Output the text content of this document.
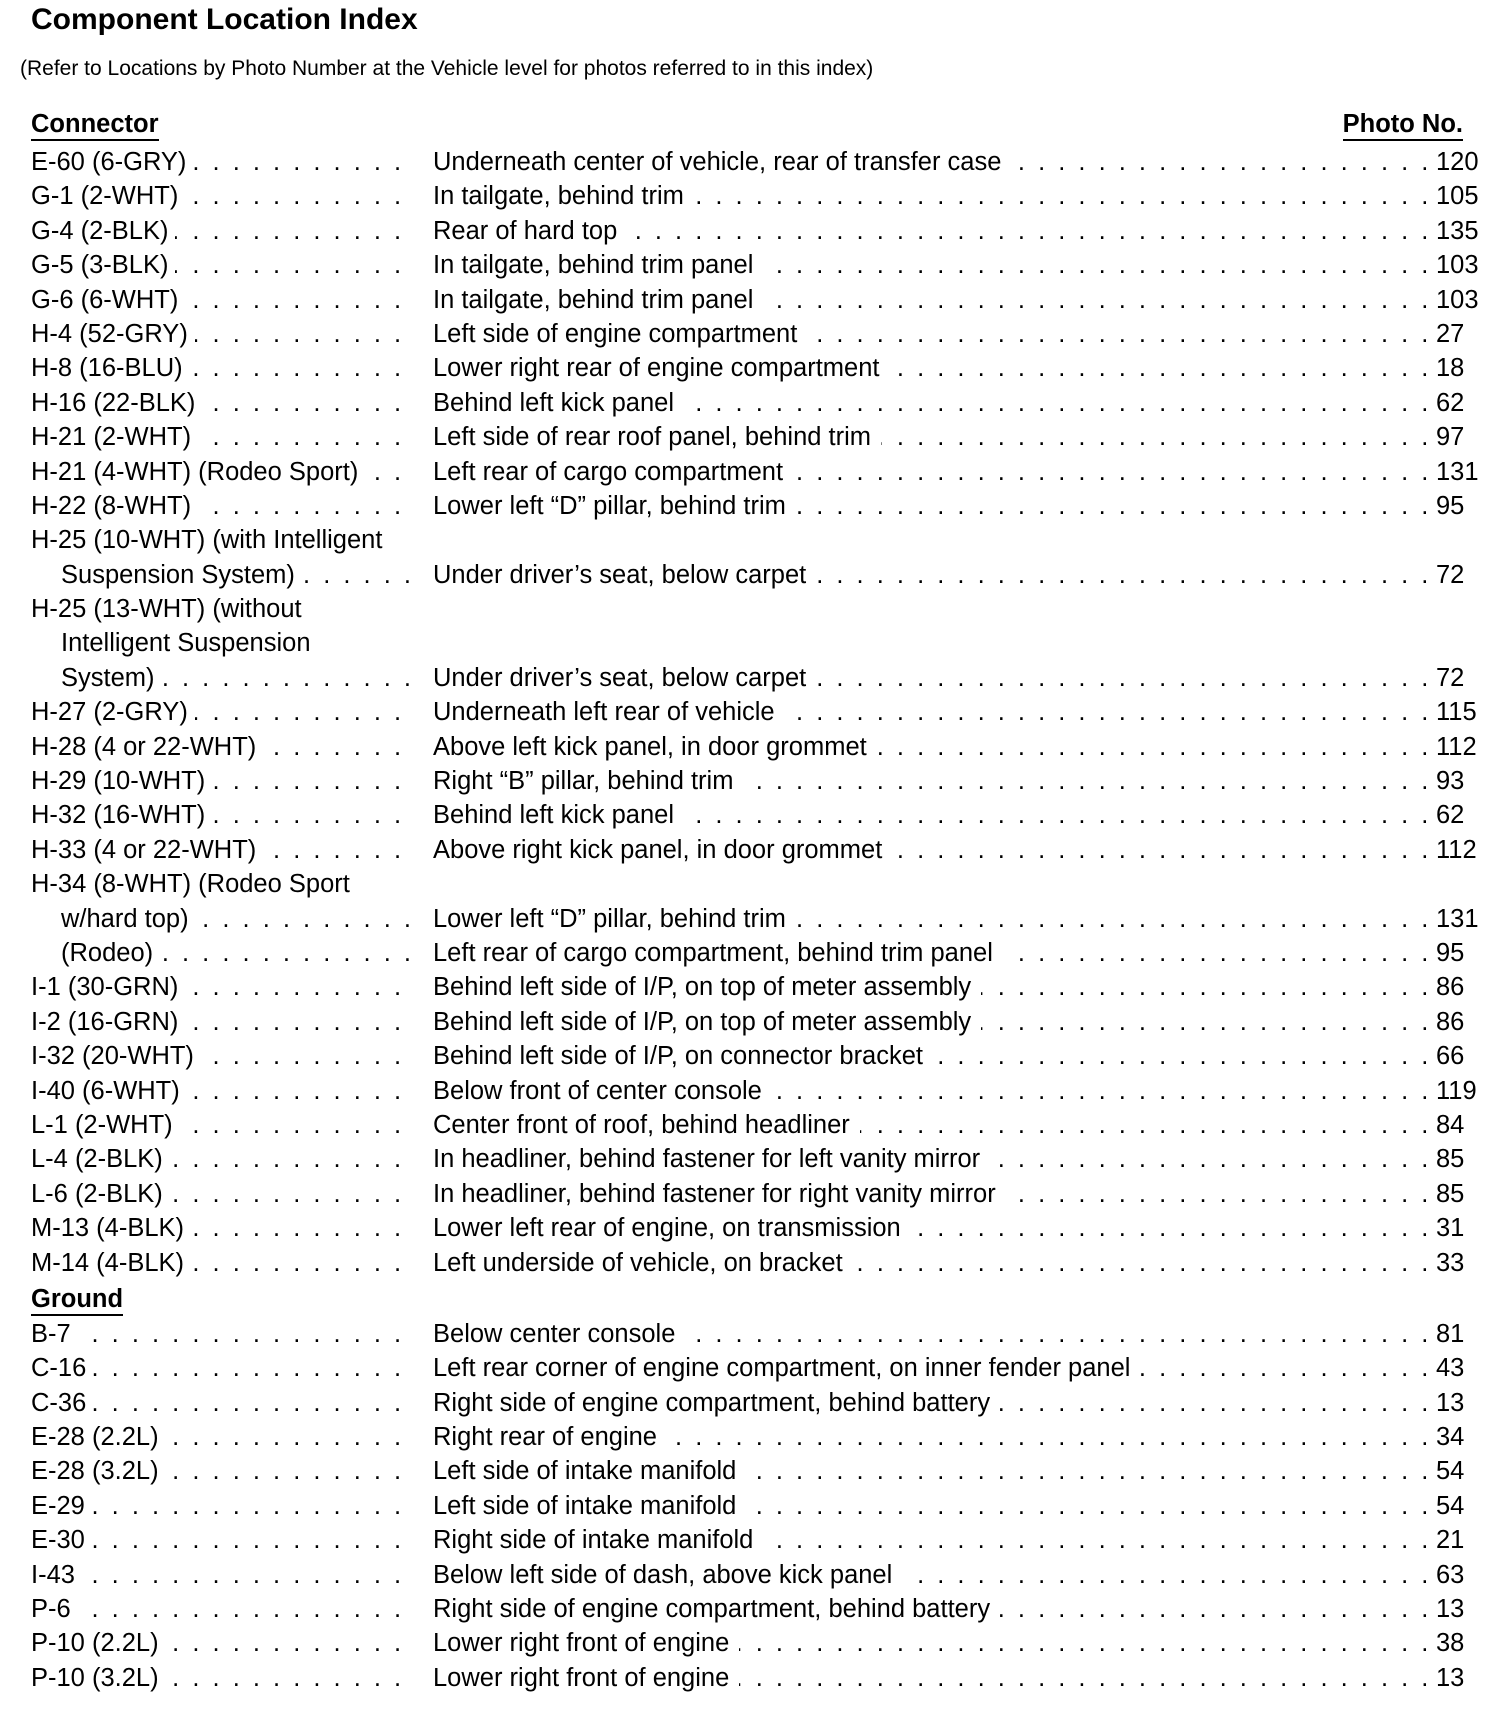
Component Location Index
(Refer to Locations by Photo Number at the Vehicle level for photos referred to in this index)
Connector	Photo No.
. . .
E-60 (6-GRY) . . .	Underneath center of vehicle, rear of transfer case	120
. . .
G-1 (2-WHT) . . .	In tailgate, behind trim	105
. . .
G-4 (2-BLK) . . .	Rear of hard top	135
. . .
G-5 (3-BLK) . . .	In tailgate, behind trim panel	103
. . .
G-6 (6-WHT) . . .	In tailgate, behind trim panel	103
. . .
H-4 (52-GRY) . . .	Left side of engine compartment	27
. . .
H-8 (16-BLU) . . .	Lower right rear of engine compartment	18
. . .
H-16 (22-BLK) . . .	Behind left kick panel	62
. . .
H-21 (2-WHT) . . .	Left side of rear roof panel, behind trim	97
. . .
H-21 (4-WHT) (Rodeo Sport) . . .	Left rear of cargo compartment	131
. . .
H-22 (8-WHT) . . .	Lower left “D” pillar, behind trim	95
H-25 (10-WHT) (with Intelligent
. . .
Suspension System) . . .	Under driver’s seat, below carpet	72
H-25 (13-WHT) (without
Intelligent Suspension
. . .
System) . . .	Under driver’s seat, below carpet	72
. . .
H-27 (2-GRY) . . .	Underneath left rear of vehicle	115
. . .
H-28 (4 or 22-WHT) . . .	Above left kick panel, in door grommet	112
. . .
H-29 (10-WHT) . . .	Right “B” pillar, behind trim	93
. . .
H-32 (16-WHT) . . .	Behind left kick panel	62
. . .
H-33 (4 or 22-WHT) . . .	Above right kick panel, in door grommet	112
H-34 (8-WHT) (Rodeo Sport
. . .
w/hard top) . . .	Lower left “D” pillar, behind trim	131
. . .
(Rodeo) . . .	Left rear of cargo compartment, behind trim panel	95
. . .
I-1 (30-GRN) . . .	Behind left side of I/P, on top of meter assembly	86
. . .
I-2 (16-GRN) . . .	Behind left side of I/P, on top of meter assembly	86
. . .
I-32 (20-WHT) . . .	Behind left side of I/P, on connector bracket	66
. . .
I-40 (6-WHT) . . .	Below front of center console	119
. . .
L-1 (2-WHT) . . .	Center front of roof, behind headliner	84
. . .
L-4 (2-BLK) . . .	In headliner, behind fastener for left vanity mirror	85
. . .
L-6 (2-BLK) . . .	In headliner, behind fastener for right vanity mirror	85
. . .
M-13 (4-BLK) . . .	Lower left rear of engine, on transmission	31
. . .
M-14 (4-BLK) . . .	Left underside of vehicle, on bracket	33
Ground
. . .
B-7 . . .	Below center console	81
. . .
C-16 . . .	Left rear corner of engine compartment, on inner fender panel	43
. . .
C-36 . . .	Right side of engine compartment, behind battery	13
. . .
E-28 (2.2L) . . .	Right rear of engine	34
. . .
E-28 (3.2L) . . .	Left side of intake manifold	54
. . .
E-29 . . .	Left side of intake manifold	54
. . .
E-30 . . .	Right side of intake manifold	21
. . .
I-43 . . .	Below left side of dash, above kick panel	63
. . .
P-6 . . .	Right side of engine compartment, behind battery	13
. . .
P-10 (2.2L) . . .	Lower right front of engine	38
. . .
P-10 (3.2L) . . .	Lower right front of engine	13
